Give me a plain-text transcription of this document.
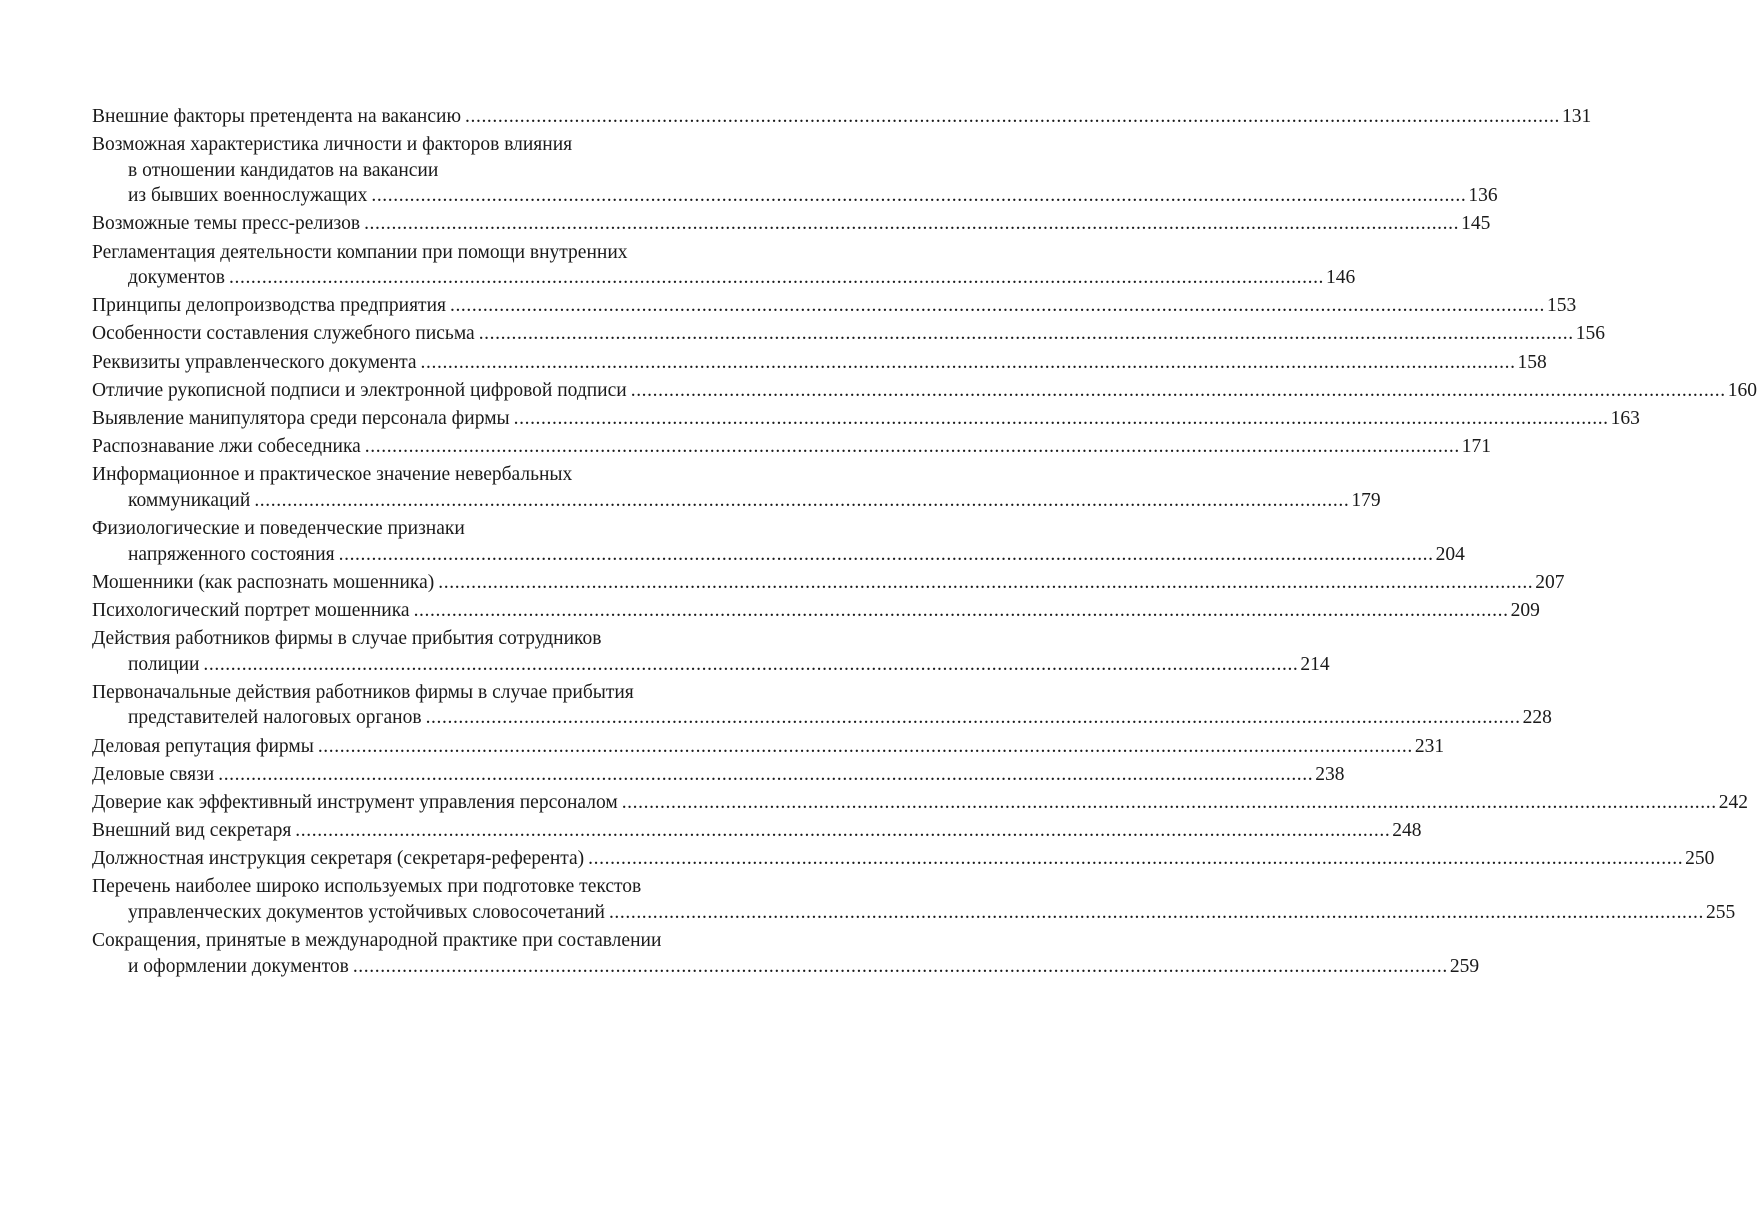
Внешние факторы претендента на вакансию ........................................................................................................................................................................................................ 131
Возможная характеристика личности и факторов влияния
в отношении кандидатов на вакансии
из бывших военнослужащих ........................................................................................................................................................................................................ 136
Возможные темы пресс-релизов ........................................................................................................................................................................................................ 145
Регламентация деятельности компании при помощи внутренних
документов ........................................................................................................................................................................................................ 146
Принципы делопроизводства предприятия ........................................................................................................................................................................................................ 153
Особенности составления служебного письма ........................................................................................................................................................................................................ 156
Реквизиты управленческого документа ........................................................................................................................................................................................................ 158
Отличие рукописной подписи и электронной цифровой подписи ........................................................................................................................................................................................................ 160
Выявление манипулятора среди персонала фирмы ........................................................................................................................................................................................................ 163
Распознавание лжи собеседника ........................................................................................................................................................................................................ 171
Информационное и практическое значение невербальных
коммуникаций ........................................................................................................................................................................................................ 179
Физиологические и поведенческие признаки
напряженного состояния ........................................................................................................................................................................................................ 204
Мошенники (как распознать мошенника) ........................................................................................................................................................................................................ 207
Психологический портрет мошенника ........................................................................................................................................................................................................ 209
Действия работников фирмы в случае прибытия сотрудников
полиции ........................................................................................................................................................................................................ 214
Первоначальные действия работников фирмы в случае прибытия
представителей налоговых органов ........................................................................................................................................................................................................ 228
Деловая репутация фирмы ........................................................................................................................................................................................................ 231
Деловые связи ........................................................................................................................................................................................................ 238
Доверие как эффективный инструмент управления персоналом ........................................................................................................................................................................................................ 242
Внешний вид секретаря ........................................................................................................................................................................................................ 248
Должностная инструкция секретаря (секретаря-референта) ........................................................................................................................................................................................................ 250
Перечень наиболее широко используемых при подготовке текстов
управленческих документов устойчивых словосочетаний ........................................................................................................................................................................................................ 255
Сокращения, принятые в международной практике при составлении
и оформлении документов ........................................................................................................................................................................................................ 259
